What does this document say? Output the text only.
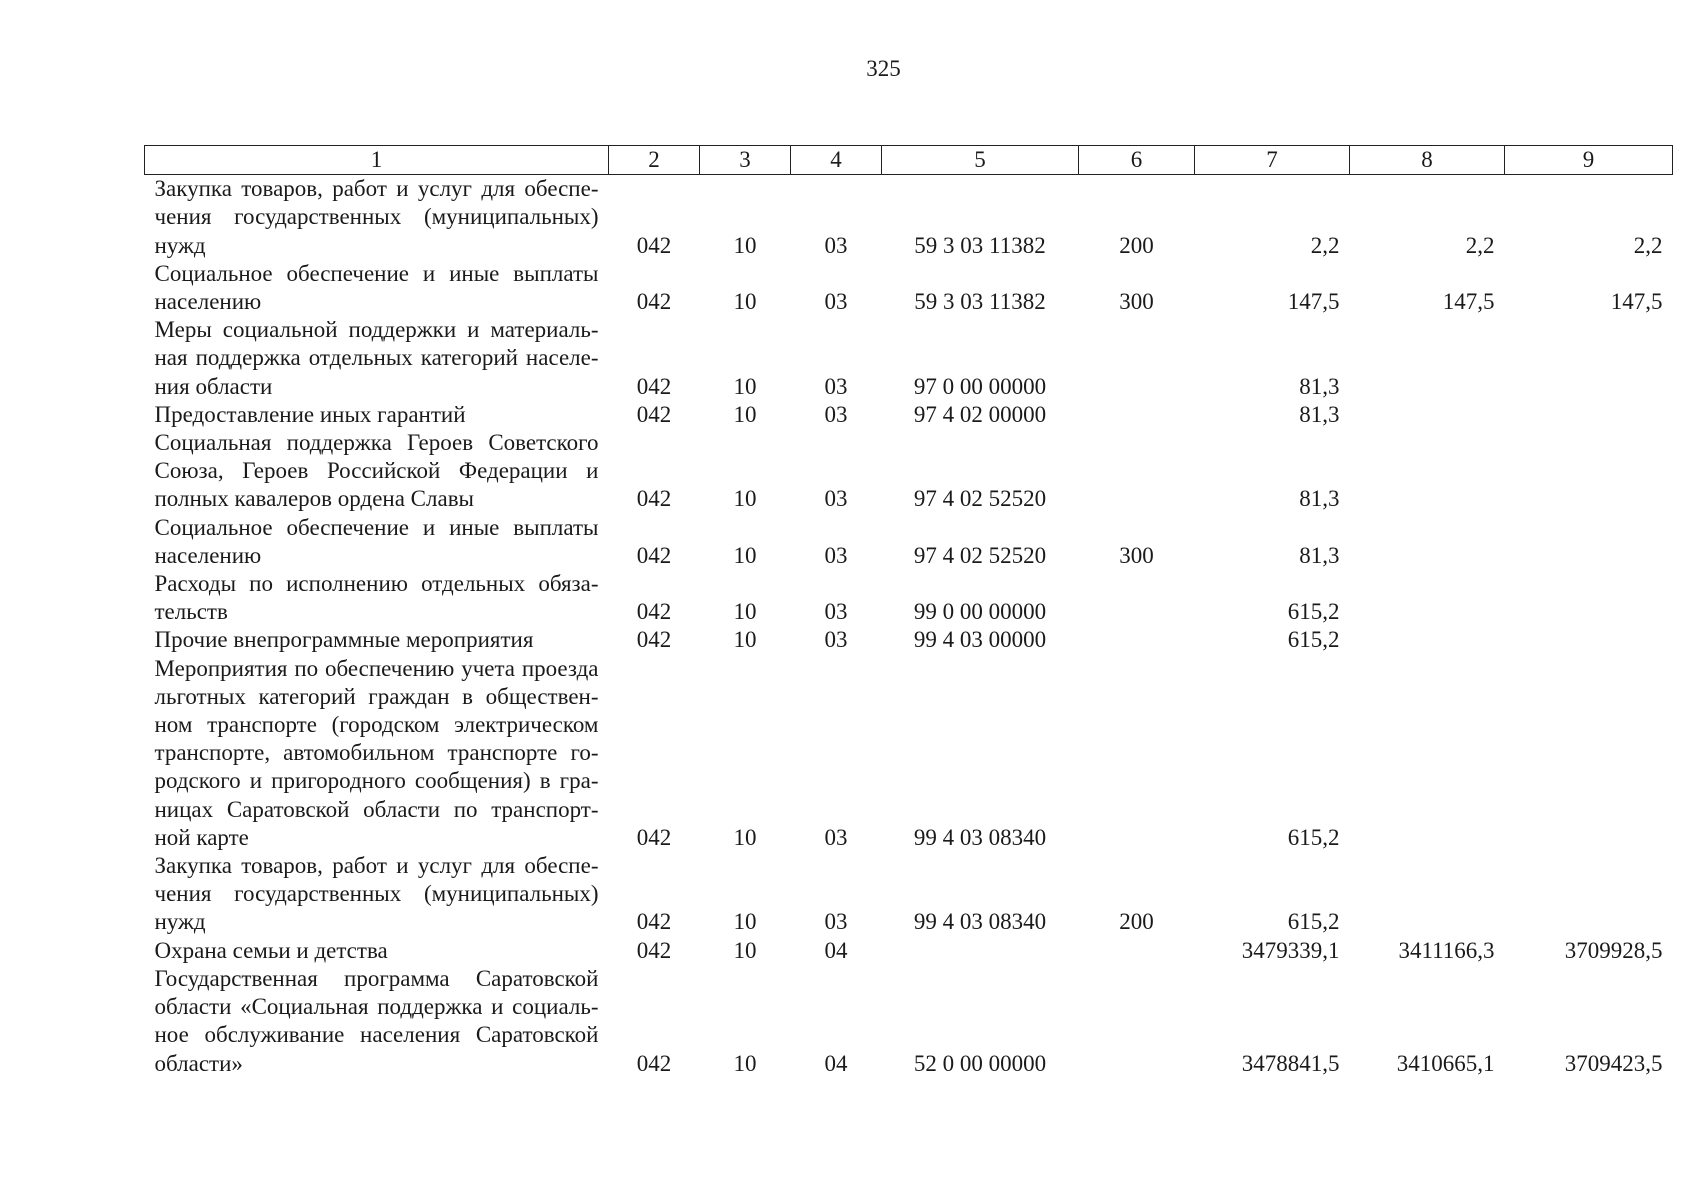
325
1	2	3	4	5	6	7	8	9
Закупка товаров, работ и услуг для обеспе-чения государственных (муниципальных) нужд	042	10	03	59 3 03 11382	200	2,2	2,2	2,2
Социальное обеспечение и иные выплаты населению	042	10	03	59 3 03 11382	300	147,5	147,5	147,5
Меры социальной поддержки и материаль-ная поддержка отдельных категорий населе-ния области	042	10	03	97 0 00 00000		81,3		
Предоставление иных гарантий	042	10	03	97 4 02 00000		81,3		
Социальная поддержка Героев Советского Союза, Героев Российской Федерации и полных кавалеров ордена Славы	042	10	03	97 4 02 52520		81,3		
Социальное обеспечение и иные выплаты населению	042	10	03	97 4 02 52520	300	81,3		
Расходы по исполнению отдельных обяза-тельств	042	10	03	99 0 00 00000		615,2		
Прочие внепрограммные мероприятия	042	10	03	99 4 03 00000		615,2		
Мероприятия по обеспечению учета проезда льготных категорий граждан в обществен-ном транспорте (городском электрическом транспорте, автомобильном транспорте го-родского и пригородного сообщения) в гра-ницах Саратовской области по транспорт-ной карте	042	10	03	99 4 03 08340		615,2		
Закупка товаров, работ и услуг для обеспе-чения государственных (муниципальных) нужд	042	10	03	99 4 03 08340	200	615,2		
Охрана семьи и детства	042	10	04			3479339,1	3411166,3	3709928,5
Государственная программа Саратовской области «Социальная поддержка и социаль-ное обслуживание населения Саратовской области»	042	10	04	52 0 00 00000		3478841,5	3410665,1	3709423,5
